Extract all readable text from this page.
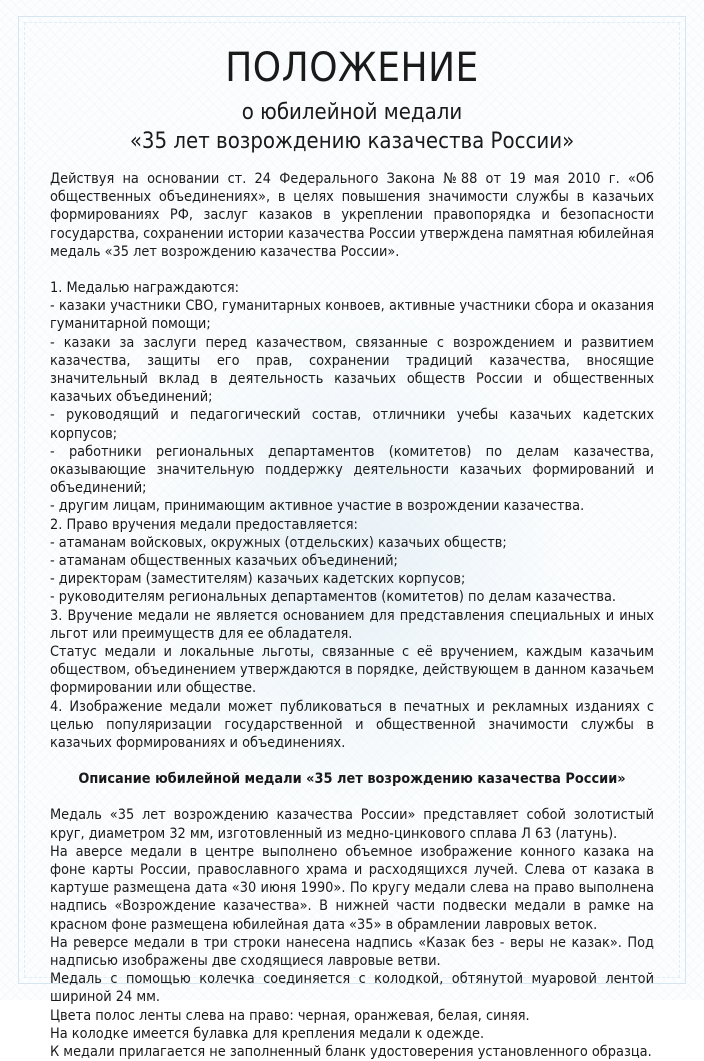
ПОЛОЖЕНИЕ
о юбилейной медали
«35 лет возрождению казачества России»
Действуя на основании ст. 24 Федерального Закона №88 от 19 мая 2010 г. «Об общественных объединениях», в целях повышения значимости службы в казачьих формированиях РФ, заслуг казаков в укреплении правопорядка и безопасности государства, сохранении истории казачества России утверждена памятная юбилейная медаль «35 лет возрождению казачества России».
1. Медалью награждаются:
- казаки участники СВО, гуманитарных конвоев, активные участники сбора и оказания гуманитарной помощи;
- казаки за заслуги перед казачеством, связанные с возрождением и развитием казачества, защиты его прав, сохранении традиций казачества, вносящие значительный вклад в деятельность казачьих обществ России и общественных казачьих объединений;
- руководящий и педагогический состав, отличники учебы казачьих кадетских корпусов;
- работники региональных департаментов (комитетов) по делам казачества, оказывающие значительную поддержку деятельности казачьих формирований и объединений;
- другим лицам, принимающим активное участие в возрождении казачества.
2. Право вручения медали предоставляется:
- атаманам войсковых, окружных (отдельских) казачьих обществ;
- атаманам общественных казачьих объединений;
- директорам (заместителям) казачьих кадетских корпусов;
- руководителям региональных департаментов (комитетов) по делам казачества.
3. Вручение медали не является основанием для представления специальных и иных льгот или преимуществ для ее обладателя.
Статус медали и локальные льготы, связанные с её вручением, каждым казачьим обществом, объединением утверждаются в порядке, действующем в данном казачьем формировании или обществе.
4. Изображение медали может публиковаться в печатных и рекламных изданиях с целью популяризации государственной и общественной значимости службы в казачьих формированиях и объединениях.
Описание юбилейной медали «35 лет возрождению казачества России»
Медаль «35 лет возрождению казачества России» представляет собой золотистый круг, диаметром 32 мм, изготовленный из медно-цинкового сплава Л 63 (латунь).
На аверсе медали в центре выполнено объемное изображение конного казака на фоне карты России, православного храма и расходящихся лучей. Слева от казака в картуше размещена дата «30 июня 1990». По кругу медали слева на право выполнена надпись «Возрождение казачества». В нижней части подвески медали в рамке на красном фоне размещена юбилейная дата «35» в обрамлении лавровых веток.
На реверсе медали в три строки нанесена надпись «Казак без - веры не казак». Под надписью изображены две сходящиеся лавровые ветви.
Медаль с помощью колечка соединяется с колодкой, обтянутой муаровой лентой шириной 24 мм.
Цвета полос ленты слева на право: черная, оранжевая, белая, синяя.
На колодке имеется булавка для крепления медали к одежде.
К медали прилагается не заполненный бланк удостоверения установленного образца.
